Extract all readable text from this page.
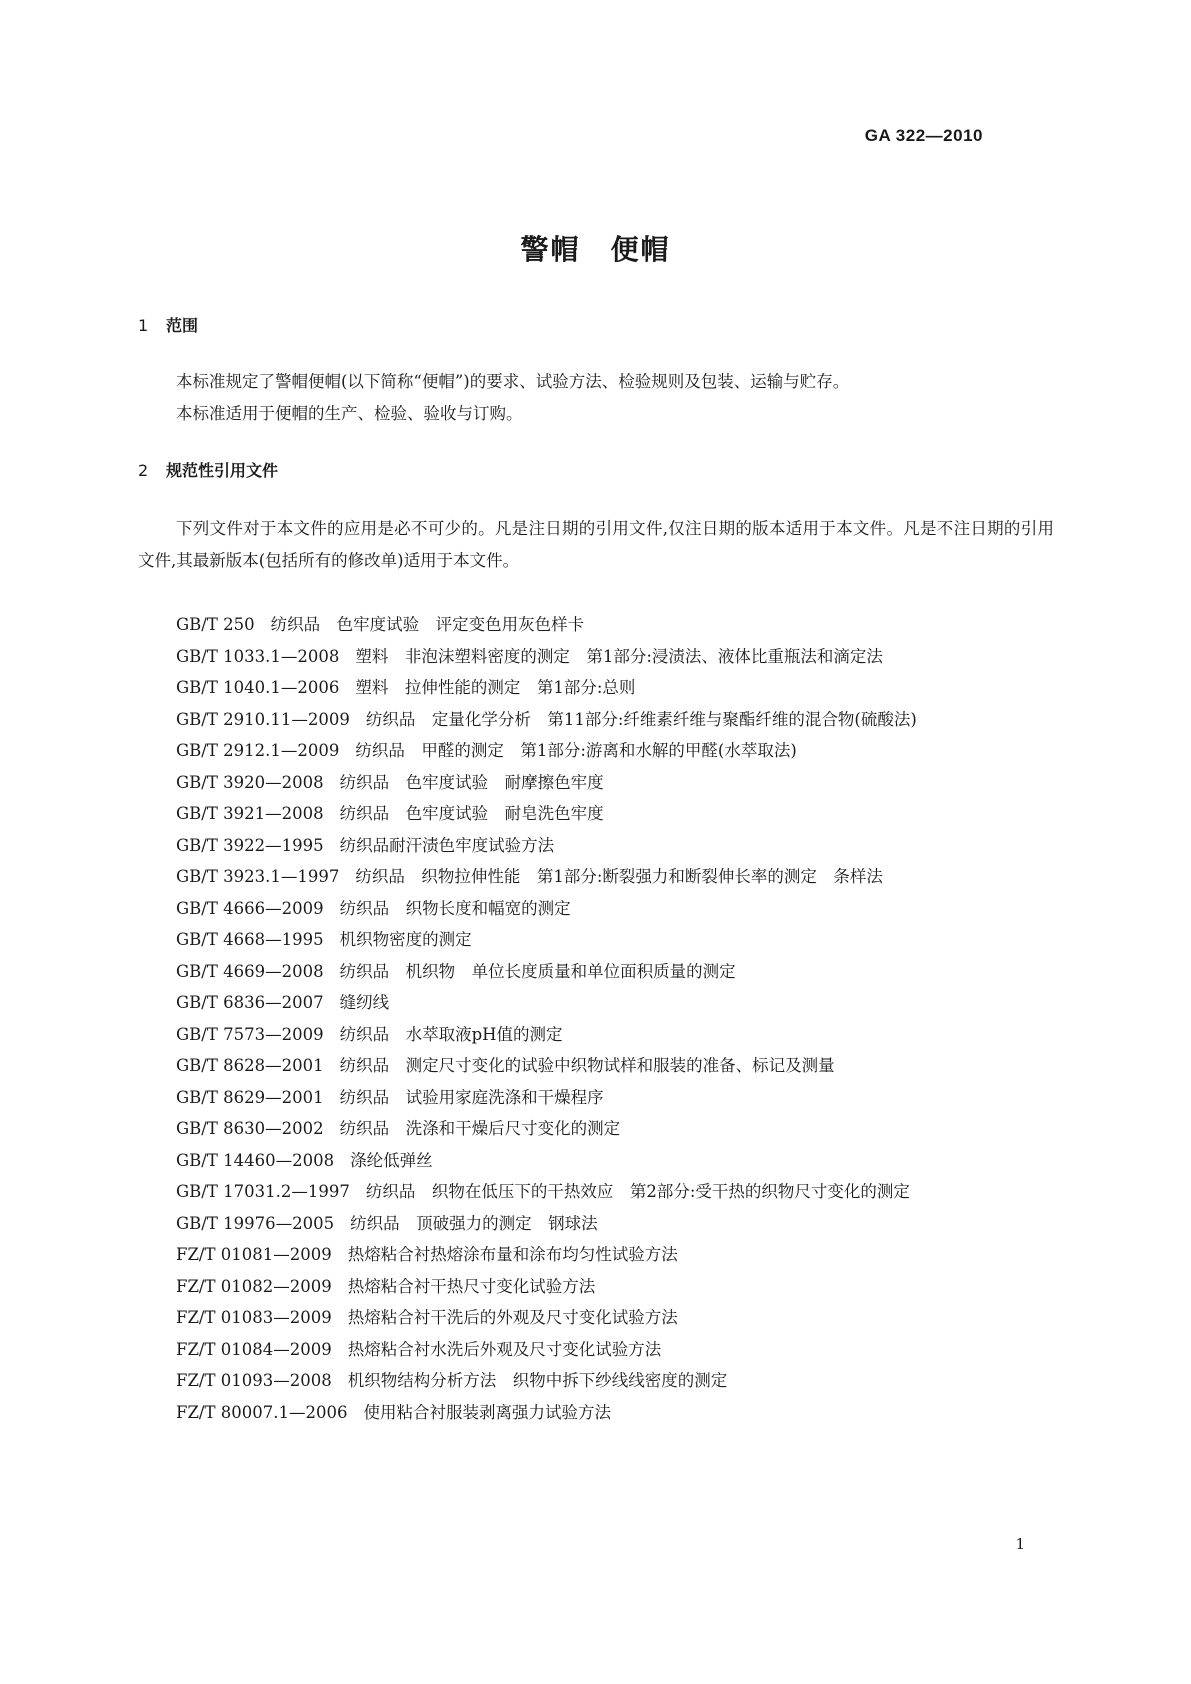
GA 322—2010
警帽　便帽
1 范围

本标准规定了警帽便帽(以下简称“便帽”)的要求、试验方法、检验规则及包装、运输与贮存。

本标准适用于便帽的生产、检验、验收与订购。

2 规范性引用文件

下列文件对于本文件的应用是必不可少的。凡是注日期的引用文件,仅注日期的版本适用于本文件。凡是不注日期的引用文件,其最新版本(包括所有的修改单)适用于本文件。

GB/T 250 纺织品　色牢度试验　评定变色用灰色样卡

GB/T 1033.1—2008 塑料　非泡沫塑料密度的测定　第1部分:浸渍法、液体比重瓶法和滴定法

GB/T 1040.1—2006 塑料　拉伸性能的测定　第1部分:总则

GB/T 2910.11—2009 纺织品　定量化学分析　第11部分:纤维素纤维与聚酯纤维的混合物(硫酸法)

GB/T 2912.1—2009 纺织品　甲醛的测定　第1部分:游离和水解的甲醛(水萃取法)

GB/T 3920—2008 纺织品　色牢度试验　耐摩擦色牢度

GB/T 3921—2008 纺织品　色牢度试验　耐皂洗色牢度

GB/T 3922—1995 纺织品耐汗渍色牢度试验方法

GB/T 3923.1—1997 纺织品　织物拉伸性能　第1部分:断裂强力和断裂伸长率的测定　条样法

GB/T 4666—2009 纺织品　织物长度和幅宽的测定

GB/T 4668—1995 机织物密度的测定

GB/T 4669—2008 纺织品　机织物　单位长度质量和单位面积质量的测定

GB/T 6836—2007 缝纫线

GB/T 7573—2009 纺织品　水萃取液pH值的测定

GB/T 8628—2001 纺织品　测定尺寸变化的试验中织物试样和服装的准备、标记及测量

GB/T 8629—2001 纺织品　试验用家庭洗涤和干燥程序

GB/T 8630—2002 纺织品　洗涤和干燥后尺寸变化的测定

GB/T 14460—2008 涤纶低弹丝

GB/T 17031.2—1997 纺织品　织物在低压下的干热效应　第2部分:受干热的织物尺寸变化的测定

GB/T 19976—2005 纺织品　顶破强力的测定　钢球法

FZ/T 01081—2009 热熔粘合衬热熔涂布量和涂布均匀性试验方法

FZ/T 01082—2009 热熔粘合衬干热尺寸变化试验方法

FZ/T 01083—2009 热熔粘合衬干洗后的外观及尺寸变化试验方法

FZ/T 01084—2009 热熔粘合衬水洗后外观及尺寸变化试验方法

FZ/T 01093—2008 机织物结构分析方法　织物中拆下纱线线密度的测定

FZ/T 80007.1—2006 使用粘合衬服装剥离强力试验方法

1
